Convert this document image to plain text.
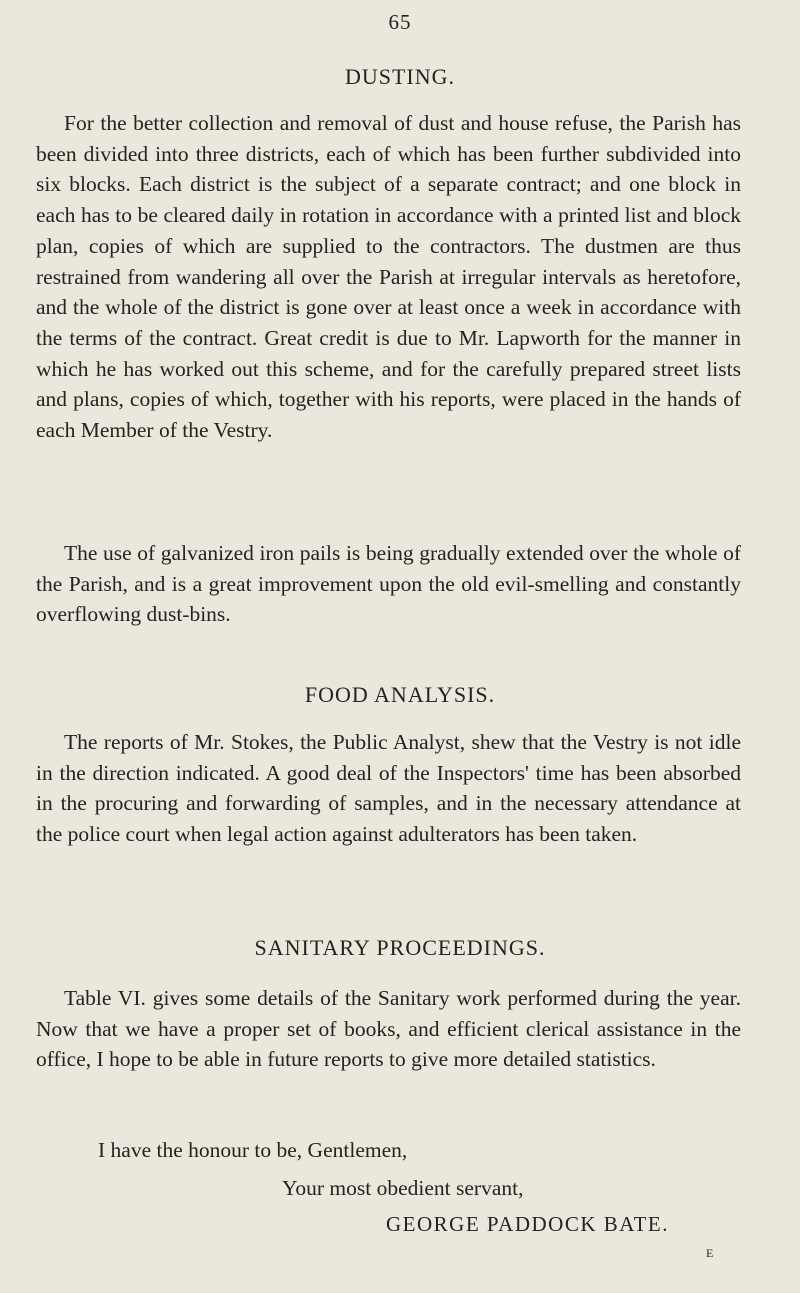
65
DUSTING.

For the better collection and removal of dust and house refuse, the Parish has been divided into three districts, each of which has been further subdivided into six blocks. Each district is the subject of a separate contract; and one block in each has to be cleared daily in rotation in accordance with a printed list and block plan, copies of which are supplied to the contractors. The dustmen are thus restrained from wandering all over the Parish at irregular intervals as heretofore, and the whole of the district is gone over at least once a week in accordance with the terms of the contract. Great credit is due to Mr. Lapworth for the manner in which he has worked out this scheme, and for the carefully prepared street lists and plans, copies of which, together with his reports, were placed in the hands of each Member of the Vestry.

The use of galvanized iron pails is being gradually extended over the whole of the Parish, and is a great improvement upon the old evil-smelling and constantly overflowing dust-bins.

FOOD ANALYSIS.

The reports of Mr. Stokes, the Public Analyst, shew that the Vestry is not idle in the direction indicated. A good deal of the Inspectors' time has been absorbed in the procuring and forwarding of samples, and in the necessary attendance at the police court when legal action against adulterators has been taken.

SANITARY PROCEEDINGS.

Table VI. gives some details of the Sanitary work performed during the year. Now that we have a proper set of books, and efficient clerical assistance in the office, I hope to be able in future reports to give more detailed statistics.

I have the honour to be, Gentlemen,
Your most obedient servant,
GEORGE PADDOCK BATE.
E
